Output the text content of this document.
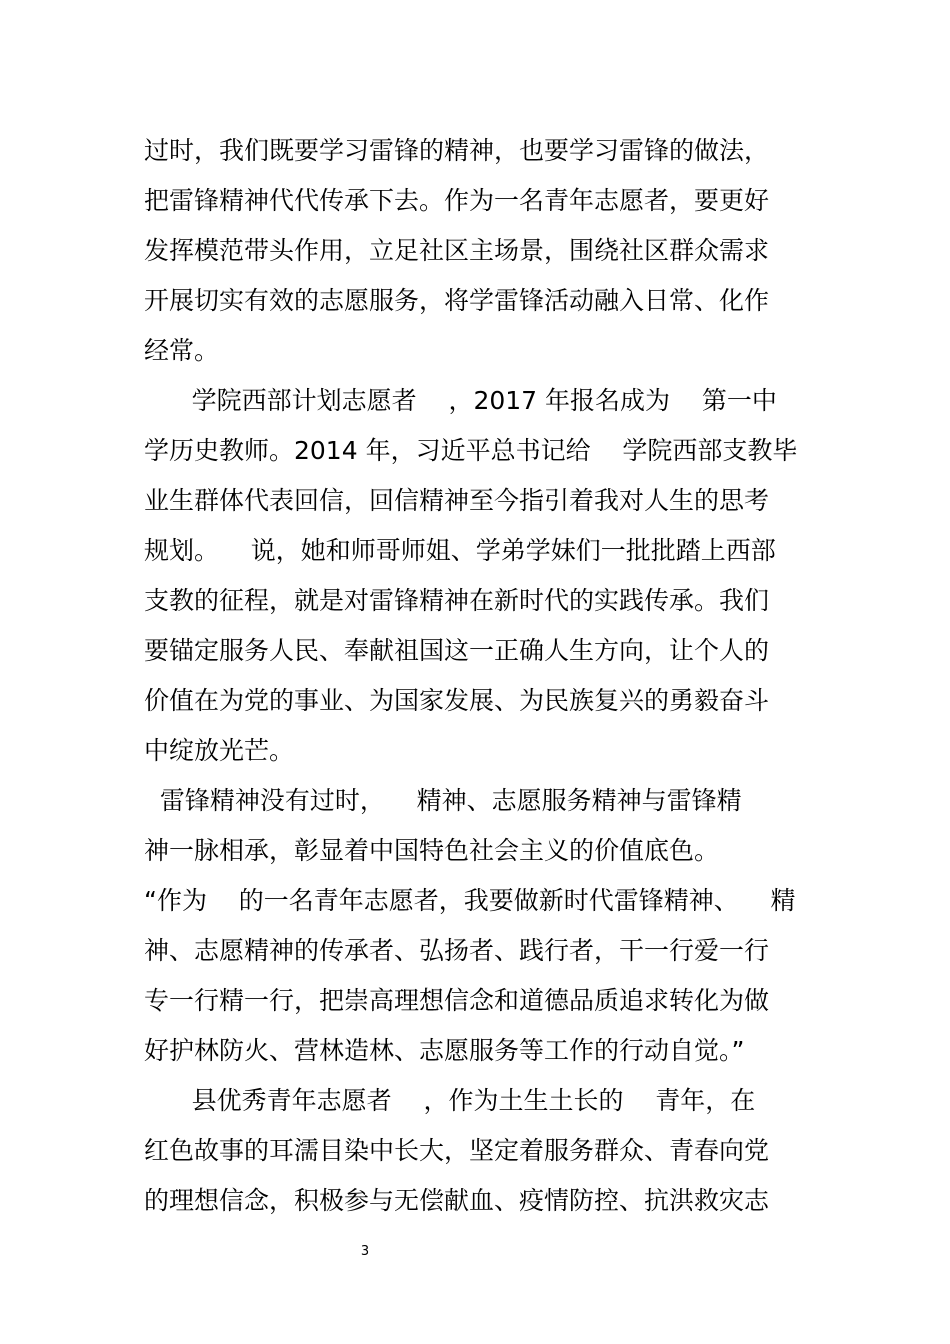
过时，我们既要学习雷锋的精神，也要学习雷锋的做法，
把雷锋精神代代传承下去。作为一名青年志愿者，要更好
发挥模范带头作用，立足社区主场景，围绕社区群众需求
开展切实有效的志愿服务，将学雷锋活动融入日常、化作
经常。
学院西部计划志愿者    ，2017 年报名成为    第一中
学历史教师。2014 年，习近平总书记给    学院西部支教毕
业生群体代表回信，回信精神至今指引着我对人生的思考
规划。    说，她和师哥师姐、学弟学妹们一批批踏上西部
支教的征程，就是对雷锋精神在新时代的实践传承。我们
要锚定服务人民、奉献祖国这一正确人生方向，让个人的
价值在为党的事业、为国家发展、为民族复兴的勇毅奋斗
中绽放光芒。
雷锋精神没有过时，    精神、志愿服务精神与雷锋精
神一脉相承，彰显着中国特色社会主义的价值底色。
“作为    的一名青年志愿者，我要做新时代雷锋精神、    精
神、志愿精神的传承者、弘扬者、践行者，干一行爱一行
专一行精一行，把崇高理想信念和道德品质追求转化为做
好护林防火、营林造林、志愿服务等工作的行动自觉。”
县优秀青年志愿者    ，作为土生土长的    青年，在
红色故事的耳濡目染中长大，坚定着服务群众、青春向党
的理想信念，积极参与无偿献血、疫情防控、抗洪救灾志
3
